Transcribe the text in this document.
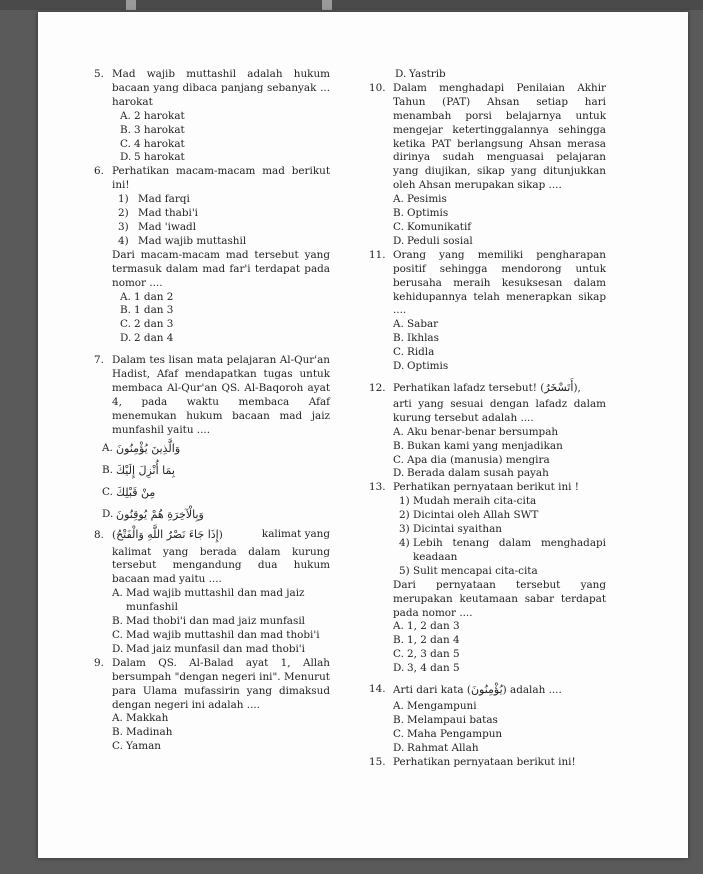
5. Mad wajib muttashil adalah hukum bacaan yang dibaca panjang sebanyak ... harokat
A. 2 harokat
B. 3 harokat
C. 4 harokat
D. 5 harokat
6. Perhatikan macam-macam mad berikut ini!
1) Mad farqi
2) Mad thabi'i
3) Mad 'iwadl
4) Mad wajib muttashil
Dari macam-macam mad tersebut yang termasuk dalam mad far'i terdapat pada nomor ....
A. 1 dan 2
B. 1 dan 3
C. 2 dan 3
D. 2 dan 4
7. Dalam tes lisan mata pelajaran Al-Qur'an Hadist, Afaf mendapatkan tugas untuk membaca Al-Qur'an QS. Al-Baqoroh ayat 4, pada waktu membaca Afaf menemukan hukum bacaan mad jaiz munfashil yaitu ....
A. وَالَّذِينَ يُؤْمِنُونَ
B. بِمَا أُنْزِلَ إِلَيْكَ
C. مِنْ قَبْلِكَ
D. وَبِالْآخِرَةِ هُمْ يُوقِنُونَ
8. (إِذَا جَاءَ نَصْرُ اللَّهِ وَالْفَتْحُ)	kalimat yang
kalimat yang berada dalam kurung tersebut mengandung dua hukum bacaan mad yaitu ....
A. Mad wajib muttashil dan mad jaiz munfashil
B. Mad thobi'i dan mad jaiz munfasil
C. Mad wajib muttashil dan mad thobi'i
D. Mad jaiz munfasil dan mad thobi'i
9. Dalam QS. Al-Balad ayat 1, Allah bersumpah "dengan negeri ini". Menurut para Ulama mufassirin yang dimaksud dengan negeri ini adalah ....
A. Makkah
B. Madinah
C. Yaman
D. Yastrib
10. Dalam menghadapi Penilaian Akhir Tahun (PAT) Ahsan setiap hari menambah porsi belajarnya untuk mengejar ketertinggalannya sehingga ketika PAT berlangsung Ahsan merasa dirinya sudah menguasai pelajaran yang diujikan, sikap yang ditunjukkan oleh Ahsan merupakan sikap ....
A. Pesimis
B. Optimis
C. Komunikatif
D. Peduli sosial
11. Orang yang memiliki pengharapan positif sehingga mendorong untuk berusaha meraih kesuksesan dalam kehidupannya telah menerapkan sikap ....
A. Sabar
B. Ikhlas
C. Ridla
D. Optimis
12. Perhatikan lafadz tersebut! (أَتَسْخَرُ),
arti yang sesuai dengan lafadz dalam kurung tersebut adalah ....
A. Aku benar-benar bersumpah
B. Bukan kami yang menjadikan
C. Apa dia (manusia) mengira
D. Berada dalam susah payah
13. Perhatikan pernyataan berikut ini !
1) Mudah meraih cita-cita
2) Dicintai oleh Allah SWT
3) Dicintai syaithan
4) Lebih tenang dalam menghadapi keadaan
5) Sulit mencapai cita-cita
Dari pernyataan tersebut yang merupakan keutamaan sabar terdapat pada nomor ....
A. 1, 2 dan 3
B. 1, 2 dan 4
C. 2, 3 dan 5
D. 3, 4 dan 5
14. Arti dari kata (يُؤْمِنُونَ) adalah ....
A. Mengampuni
B. Melampaui batas
C. Maha Pengampun
D. Rahmat Allah
15. Perhatikan pernyataan berikut ini!
